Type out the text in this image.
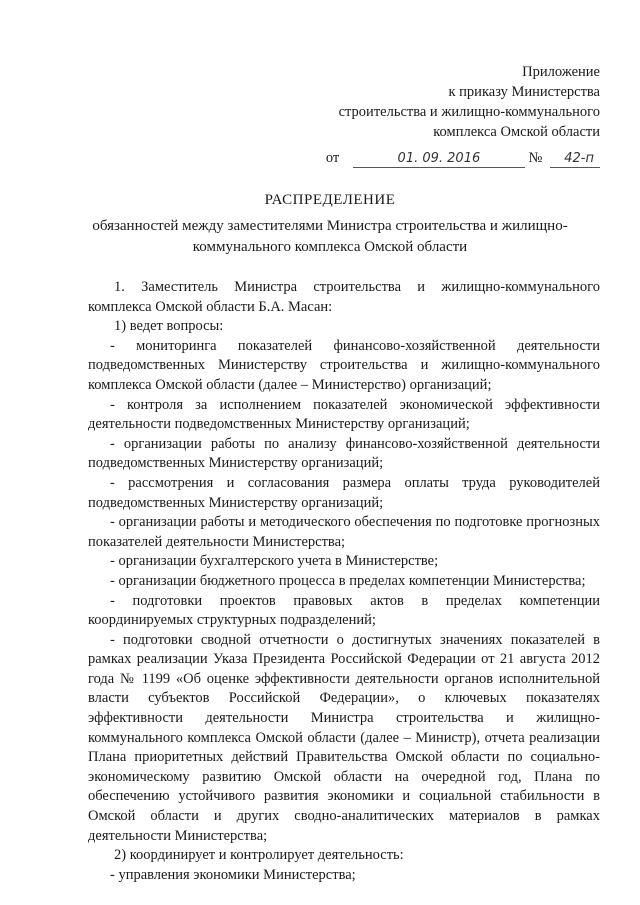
Приложение
к приказу Министерства
строительства и жилищно-коммунального
комплекса Омской области
от	01. 09. 2016	№ 42-п
РАСПРЕДЕЛЕНИЕ
обязанностей между заместителями Министра строительства и жилищно-
коммунального комплекса Омской области

1. Заместитель Министра строительства и жилищно-коммунального комплекса Омской области Б.А. Масан:

1) ведет вопросы:

- мониторинга показателей финансово-хозяйственной деятельности подведомственных Министерству строительства и жилищно-коммунального комплекса Омской области (далее – Министерство) организаций;

- контроля за исполнением показателей экономической эффективности деятельности подведомственных Министерству организаций;

- организации работы по анализу финансово-хозяйственной деятельности подведомственных Министерству организаций;

- рассмотрения и согласования размера оплаты труда руководителей подведомственных Министерству организаций;

- организации работы и методического обеспечения по подготовке прогнозных показателей деятельности Министерства;

- организации бухгалтерского учета в Министерстве;

- организации бюджетного процесса в пределах компетенции Министерства;

- подготовки проектов правовых актов в пределах компетенции координируемых структурных подразделений;

- подготовки сводной отчетности о достигнутых значениях показателей в рамках реализации Указа Президента Российской Федерации от 21 августа 2012 года № 1199 «Об оценке эффективности деятельности органов исполнительной власти субъектов Российской Федерации», о ключевых показателях эффективности деятельности Министра строительства и жилищно-коммунального комплекса Омской области (далее – Министр), отчета реализации Плана приоритетных действий Правительства Омской области по социально-экономическому развитию Омской области на очередной год, Плана по обеспечению устойчивого развития экономики и социальной стабильности в Омской области и других сводно-аналитических материалов в рамках деятельности Министерства;

2) координирует и контролирует деятельность:

- управления экономики Министерства;
